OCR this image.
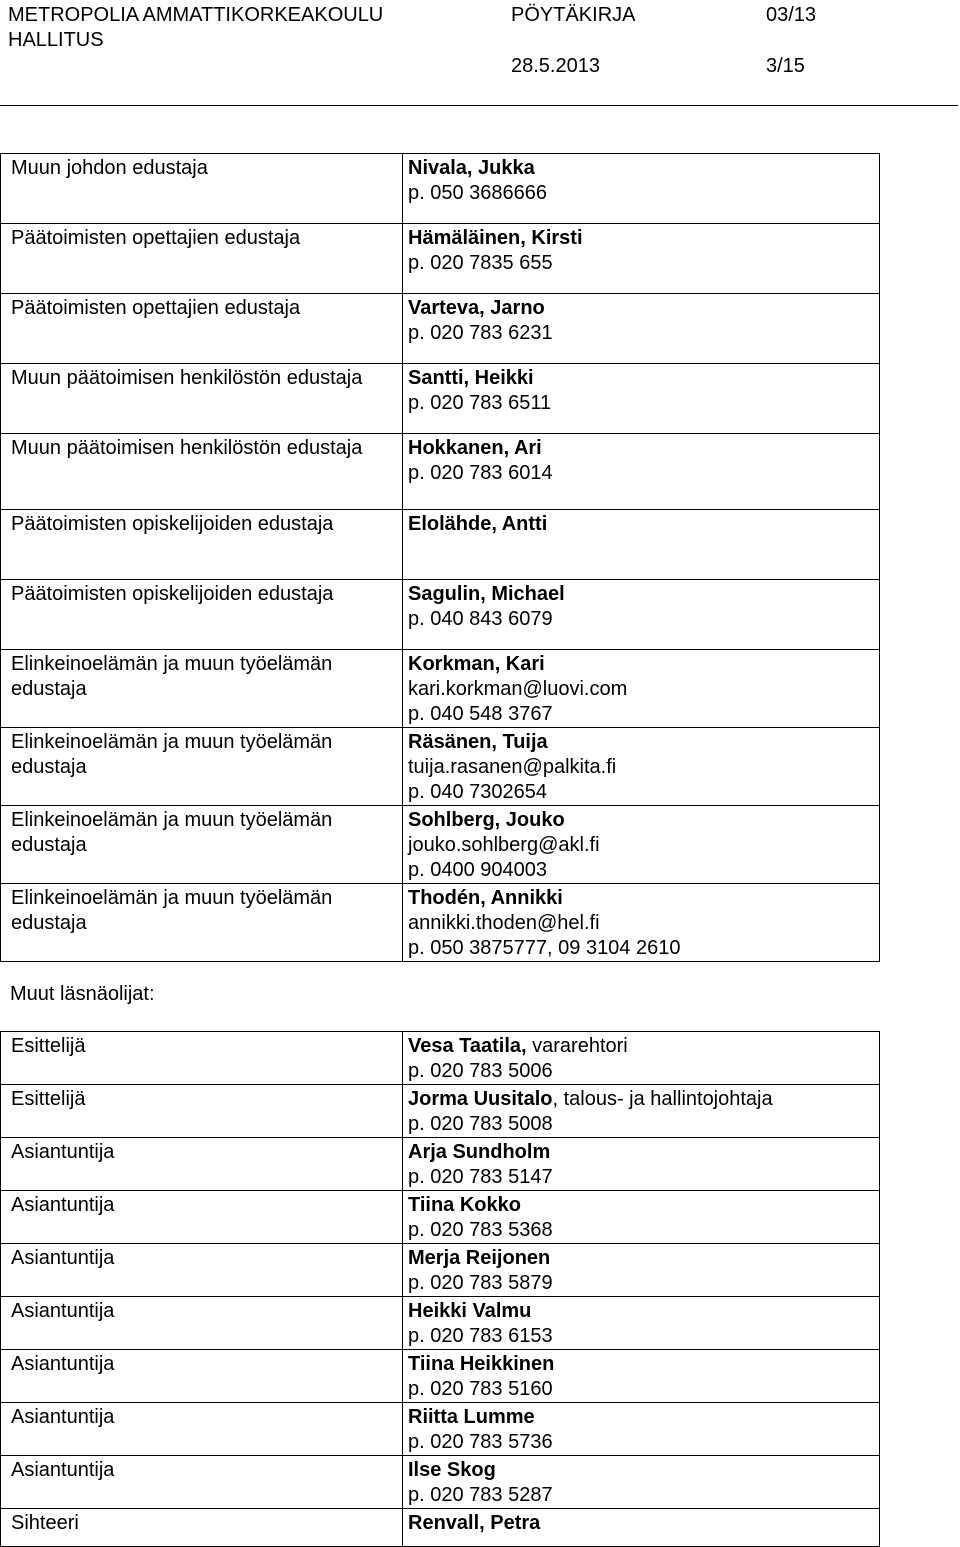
METROPOLIA AMMATTIKORKEAKOULU	PÖYTÄKIRJA	03/13
HALLITUS
28.5.2013	3/15
Muun johdon edustaja	Nivala, Jukka
p. 050 3686666

Päätoimisten opettajien edustaja	Hämäläinen, Kirsti
p. 020 7835 655

Päätoimisten opettajien edustaja	Varteva, Jarno
p. 020 783 6231

Muun päätoimisen henkilöstön edustaja	Santti, Heikki
p. 020 783 6511

Muun päätoimisen henkilöstön edustaja	Hokkanen, Ari
p. 020 783 6014

Päätoimisten opiskelijoiden edustaja	Elolähde, Antti

Päätoimisten opiskelijoiden edustaja	Sagulin, Michael
p. 040 843 6079

Elinkeinoelämän ja muun työelämän edustaja	Korkman, Kari
kari.korkman@luovi.com
p. 040 548 3767

Elinkeinoelämän ja muun työelämän edustaja	Räsänen, Tuija
tuija.rasanen@palkita.fi
p. 040 7302654

Elinkeinoelämän ja muun työelämän edustaja	Sohlberg, Jouko
jouko.sohlberg@akl.fi
p. 0400 904003

Elinkeinoelämän ja muun työelämän edustaja	Thodén, Annikki
annikki.thoden@hel.fi
p. 050 3875777, 09 3104 2610
Muut läsnäolijat:
Esittelijä	Vesa Taatila, vararehtori
p. 020 783 5006

Esittelijä	Jorma Uusitalo, talous- ja hallintojohtaja
p. 020 783 5008

Asiantuntija	Arja Sundholm
p. 020 783 5147

Asiantuntija	Tiina Kokko
p. 020 783 5368

Asiantuntija	Merja Reijonen
p. 020 783 5879

Asiantuntija	Heikki Valmu
p. 020 783 6153

Asiantuntija	Tiina Heikkinen
p. 020 783 5160

Asiantuntija	Riitta Lumme
p. 020 783 5736

Asiantuntija	Ilse Skog
p. 020 783 5287

Sihteeri	Renvall, Petra
